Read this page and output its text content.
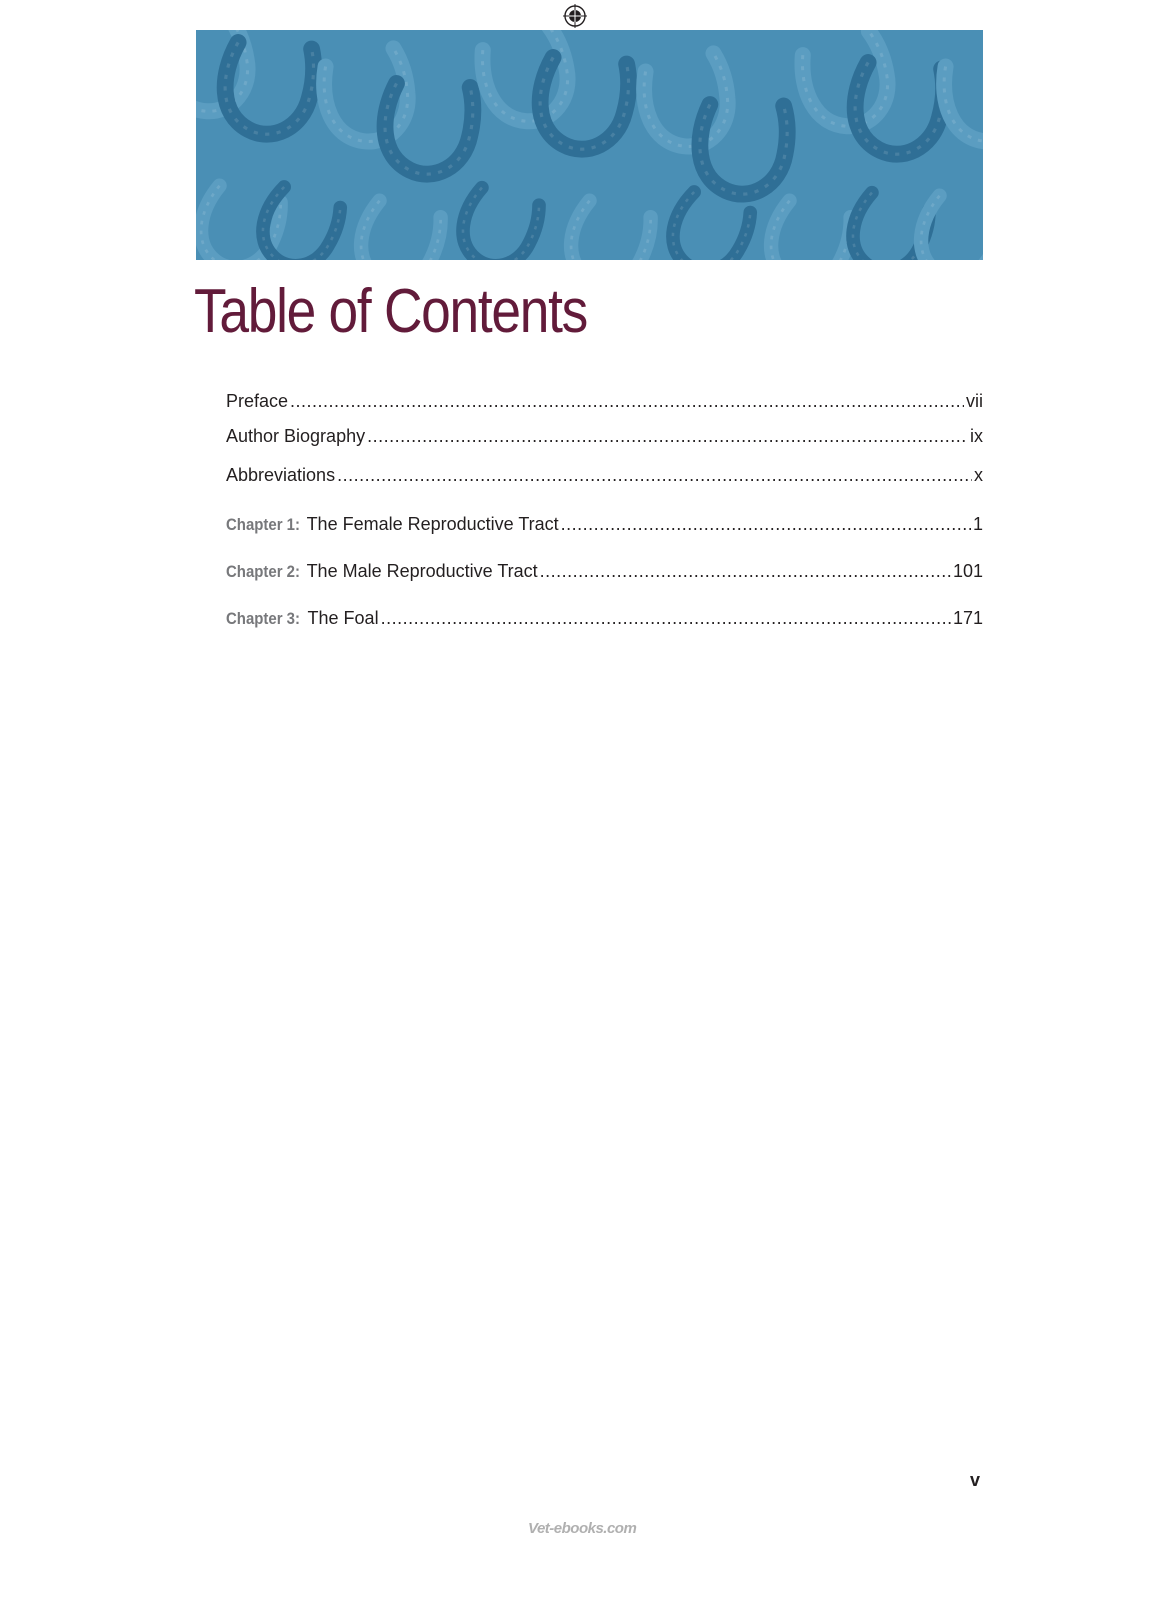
Table of Contents
Preface .....	vii
Author Biography .....	ix
Abbreviations .....	x
Chapter 1: The Female Reproductive Tract .....	1
Chapter 2: The Male Reproductive Tract .....	101
Chapter 3: The Foal .....	171
v
Vet-ebooks.com
